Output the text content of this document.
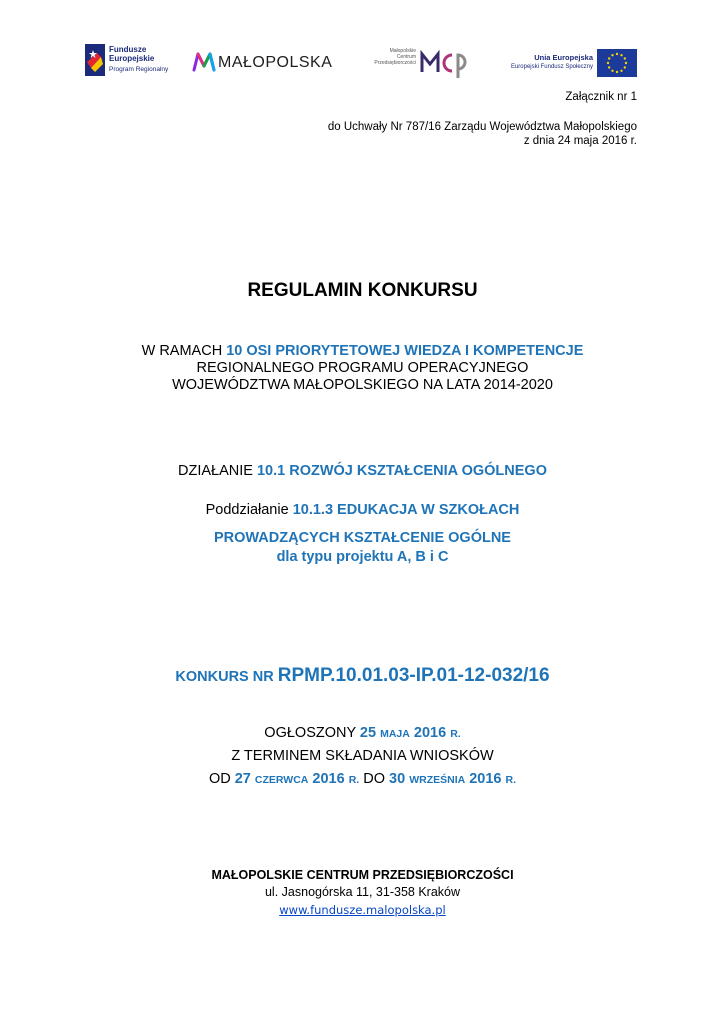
Fundusze
Europejskie
Program Regionalny	MAŁOPOLSKA
Małopolskie Centrum Przedsiębiorczości
Unia Europejska
Europejski Fundusz Społeczny
Załącznik nr 1
do Uchwały Nr 787/16 Zarządu Województwa Małopolskiego
z dnia 24 maja 2016 r.
REGULAMIN KONKURSU
W RAMACH 10 OSI PRIORYTETOWEJ WIEDZA I KOMPETENCJE
REGIONALNEGO PROGRAMU OPERACYJNEGO
WOJEWÓDZTWA MAŁOPOLSKIEGO NA LATA 2014-2020
DZIAŁANIE 10.1 ROZWÓJ KSZTAŁCENIA OGÓLNEGO
Poddziałanie 10.1.3 EDUKACJA W SZKOŁACH
PROWADZĄCYCH KSZTAŁCENIE OGÓLNE
dla typu projektu A, B i C
KONKURS NR RPMP.10.01.03-IP.01-12-032/16
OGŁOSZONY 25 MAJA 2016 R.
Z TERMINEM SKŁADANIA WNIOSKÓW
OD 27 CZERWCA 2016 R. DO 30 WRZEŚNIA 2016 R.
MAŁOPOLSKIE CENTRUM PRZEDSIĘBIORCZOŚCI
ul. Jasnogórska 11, 31-358 Kraków
www.fundusze.malopolska.pl
